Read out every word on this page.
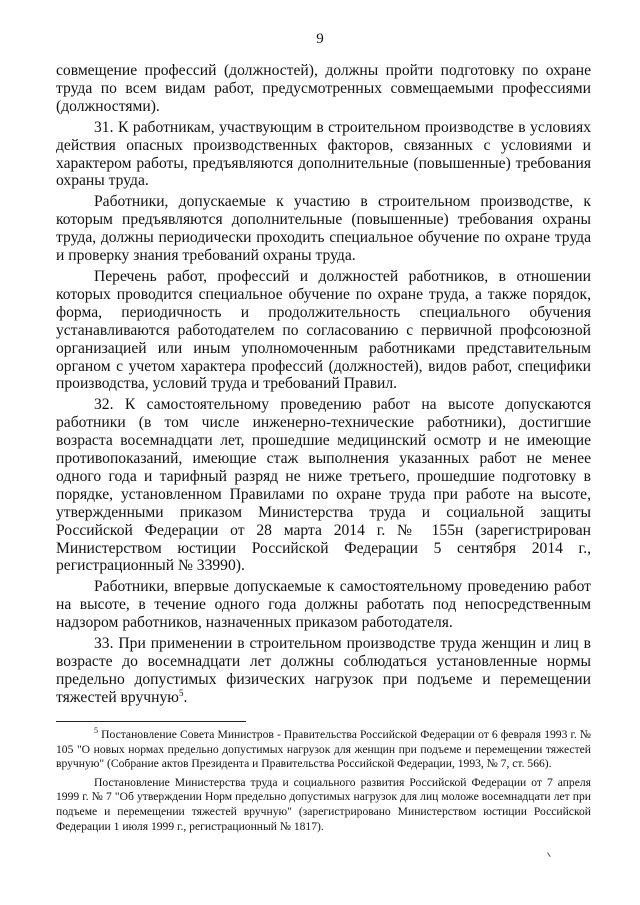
9

совмещение профессий (должностей), должны пройти подготовку по охране труда по всем видам работ, предусмотренных совмещаемыми профессиями (должностями).

31. К работникам, участвующим в строительном производстве в условиях действия опасных производственных факторов, связанных с условиями и характером работы, предъявляются дополнительные (повышенные) требования охраны труда.

Работники, допускаемые к участию в строительном производстве, к которым предъявляются дополнительные (повышенные) требования охраны труда, должны периодически проходить специальное обучение по охране труда и проверку знания требований охраны труда.

Перечень работ, профессий и должностей работников, в отношении которых проводится специальное обучение по охране труда, а также порядок, форма, периодичность и продолжительность специального обучения устанавливаются работодателем по согласованию с первичной профсоюзной организацией или иным уполномоченным работниками представительным органом с учетом характера профессий (должностей), видов работ, специфики производства, условий труда и требований Правил.

32. К самостоятельному проведению работ на высоте допускаются работники (в том числе инженерно-технические работники), достигшие возраста восемнадцати лет, прошедшие медицинский осмотр и не имеющие противопоказаний, имеющие стаж выполнения указанных работ не менее одного года и тарифный разряд не ниже третьего, прошедшие подготовку в порядке, установленном Правилами по охране труда при работе на высоте, утвержденными приказом Министерства труда и социальной защиты Российской Федерации от 28 марта 2014 г. № 155н (зарегистрирован Министерством юстиции Российской Федерации 5 сентября 2014 г., регистрационный № 33990).

Работники, впервые допускаемые к самостоятельному проведению работ на высоте, в течение одного года должны работать под непосредственным надзором работников, назначенных приказом работодателя.

33. При применении в строительном производстве труда женщин и лиц в возрасте до восемнадцати лет должны соблюдаться установленные нормы предельно допустимых физических нагрузок при подъеме и перемещении тяжестей вручную$^5$.

$^5$ Постановление Совета Министров - Правительства Российской Федерации от 6 февраля 1993 г. № 105 "О новых нормах предельно допустимых нагрузок для женщин при подъеме и перемещении тяжестей вручную" (Собрание актов Президента и Правительства Российской Федерации, 1993, № 7, ст. 566).

Постановление Министерства труда и социального развития Российской Федерации от 7 апреля 1999 г. № 7 "Об утверждении Норм предельно допустимых нагрузок для лиц моложе восемнадцати лет при подъеме и перемещении тяжестей вручную" (зарегистрировано Министерством юстиции Российской Федерации 1 июля 1999 г., регистрационный № 1817).
